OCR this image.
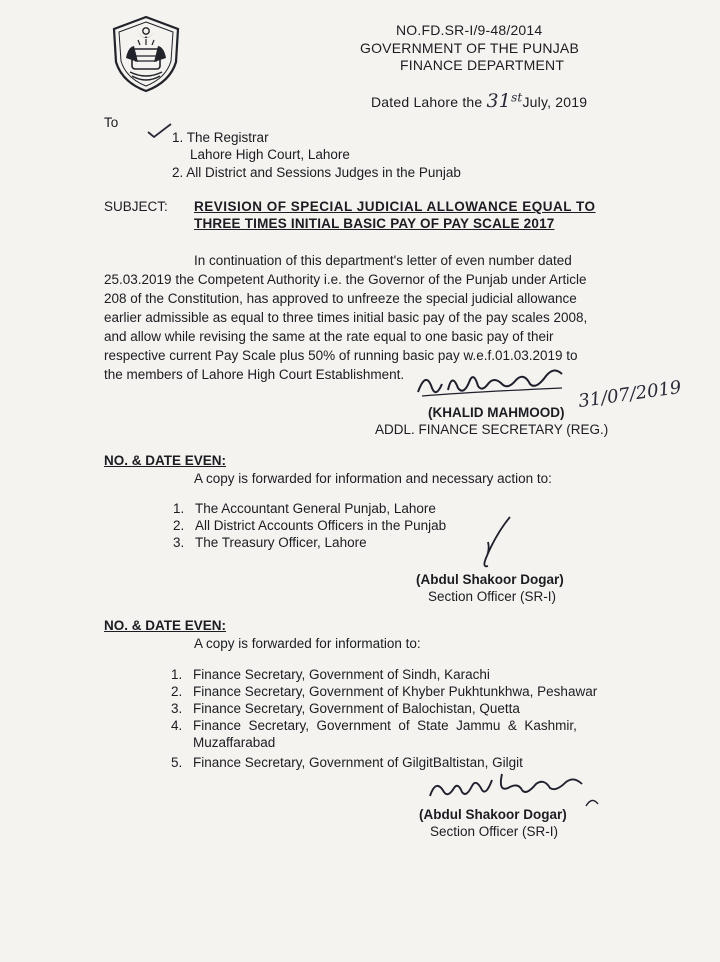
NO.FD.SR-I/9-48/2014
GOVERNMENT OF THE PUNJAB
FINANCE DEPARTMENT
Dated Lahore the 31stJuly, 2019
To
1. The Registrar
Lahore High Court, Lahore
2. All District and Sessions Judges in the Punjab
SUBJECT: REVISION OF SPECIAL JUDICIAL ALLOWANCE EQUAL TO
THREE TIMES INITIAL BASIC PAY OF PAY SCALE 2017
In continuation of this department's letter of even number dated
25.03.2019 the Competent Authority i.e. the Governor of the Punjab under Article
208 of the Constitution, has approved to unfreeze the special judicial allowance
earlier admissible as equal to three times initial basic pay of the pay scales 2008,
and allow while revising the same at the rate equal to one basic pay of their
respective current Pay Scale plus 50% of running basic pay w.e.f.01.03.2019 to
the members of Lahore High Court Establishment.
31/07/2019
(KHALID MAHMOOD)
ADDL. FINANCE SECRETARY (REG.)
NO. & DATE EVEN:
A copy is forwarded for information and necessary action to:
1. The Accountant General Punjab, Lahore
2. All District Accounts Officers in the Punjab
3. The Treasury Officer, Lahore
(Abdul Shakoor Dogar)
Section Officer (SR-I)
NO. & DATE EVEN:
A copy is forwarded for information to:
1. Finance Secretary, Government of Sindh, Karachi
2. Finance Secretary, Government of Khyber Pukhtunkhwa, Peshawar
3. Finance Secretary, Government of Balochistan, Quetta
4. Finance  Secretary,  Government  of  State  Jammu  &  Kashmir,
Muzaffarabad
5. Finance Secretary, Government of GilgitBaltistan, Gilgit
(Abdul Shakoor Dogar)
Section Officer (SR-I)
